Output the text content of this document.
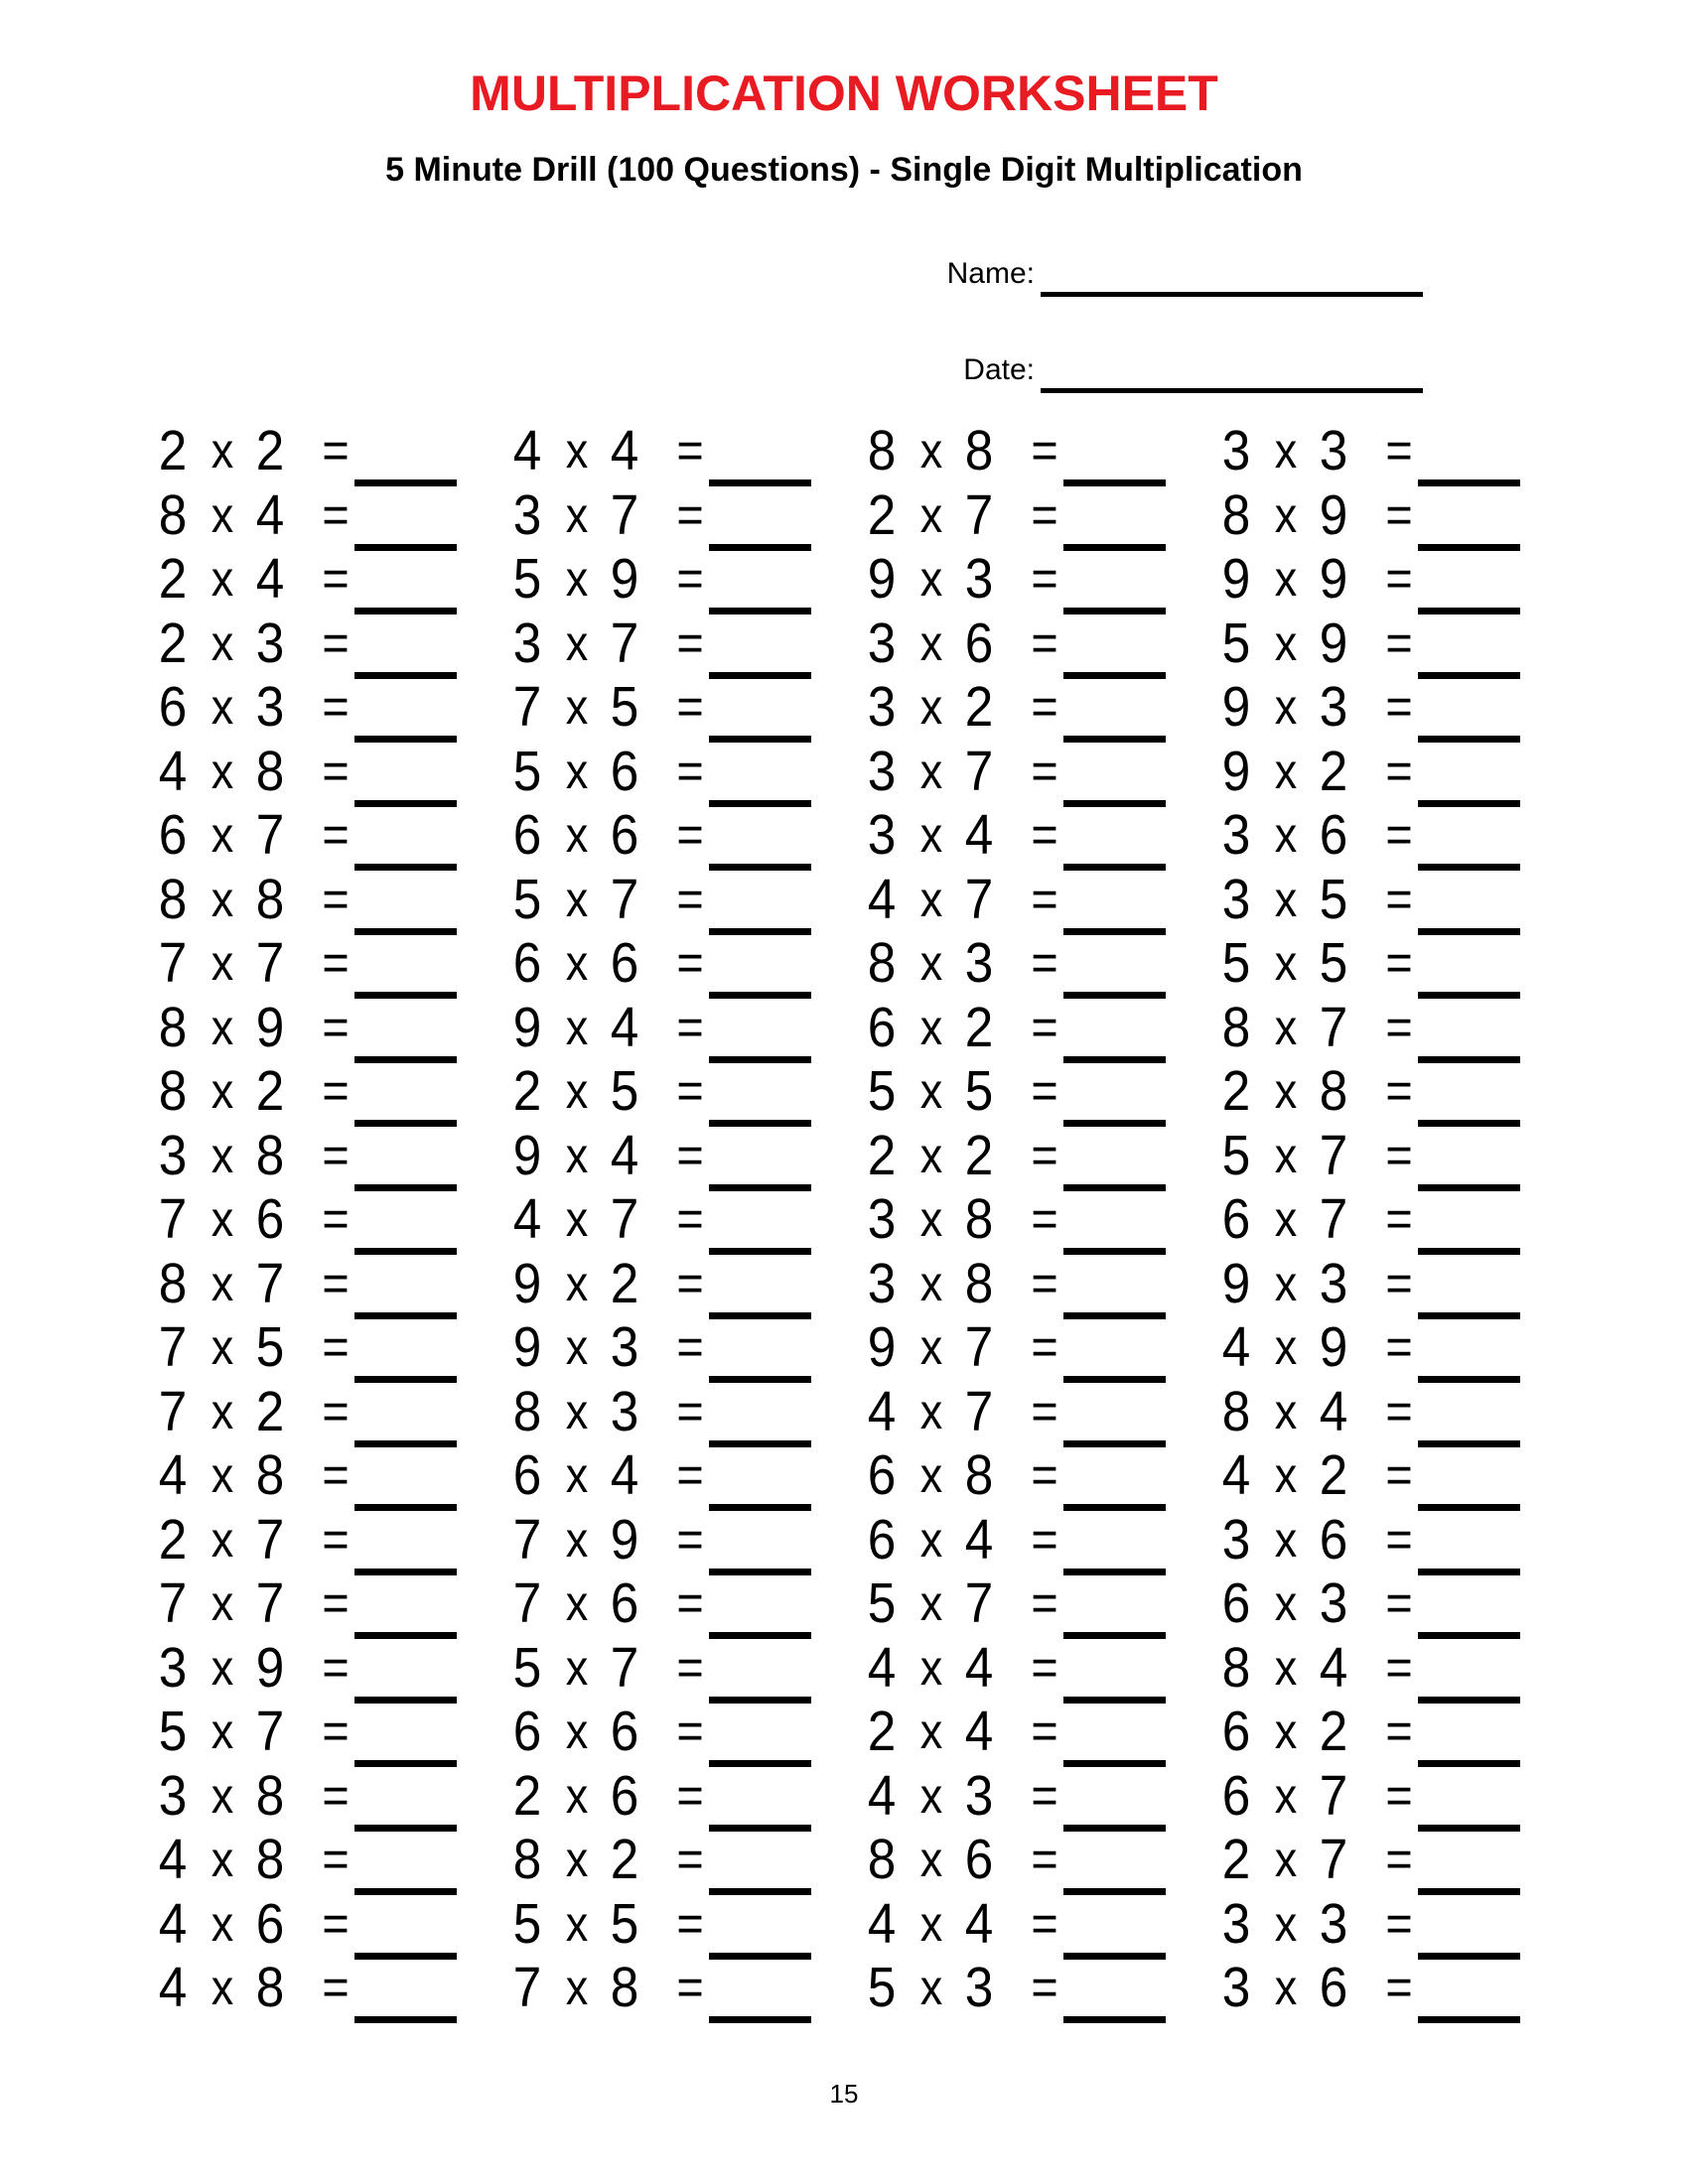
MULTIPLICATION WORKSHEET
5 Minute Drill (100 Questions) - Single Digit Multiplication
Name:
Date:
2 x 2 =
8 x 4 =
2 x 4 =
2 x 3 =
6 x 3 =
4 x 8 =
6 x 7 =
8 x 8 =
7 x 7 =
8 x 9 =
8 x 2 =
3 x 8 =
7 x 6 =
8 x 7 =
7 x 5 =
7 x 2 =
4 x 8 =
2 x 7 =
7 x 7 =
3 x 9 =
5 x 7 =
3 x 8 =
4 x 8 =
4 x 6 =
4 x 8 =
4 x 4 =
3 x 7 =
5 x 9 =
3 x 7 =
7 x 5 =
5 x 6 =
6 x 6 =
5 x 7 =
6 x 6 =
9 x 4 =
2 x 5 =
9 x 4 =
4 x 7 =
9 x 2 =
9 x 3 =
8 x 3 =
6 x 4 =
7 x 9 =
7 x 6 =
5 x 7 =
6 x 6 =
2 x 6 =
8 x 2 =
5 x 5 =
7 x 8 =
8 x 8 =
2 x 7 =
9 x 3 =
3 x 6 =
3 x 2 =
3 x 7 =
3 x 4 =
4 x 7 =
8 x 3 =
6 x 2 =
5 x 5 =
2 x 2 =
3 x 8 =
3 x 8 =
9 x 7 =
4 x 7 =
6 x 8 =
6 x 4 =
5 x 7 =
4 x 4 =
2 x 4 =
4 x 3 =
8 x 6 =
4 x 4 =
5 x 3 =
3 x 3 =
8 x 9 =
9 x 9 =
5 x 9 =
9 x 3 =
9 x 2 =
3 x 6 =
3 x 5 =
5 x 5 =
8 x 7 =
2 x 8 =
5 x 7 =
6 x 7 =
9 x 3 =
4 x 9 =
8 x 4 =
4 x 2 =
3 x 6 =
6 x 3 =
8 x 4 =
6 x 2 =
6 x 7 =
2 x 7 =
3 x 3 =
3 x 6 =
15
